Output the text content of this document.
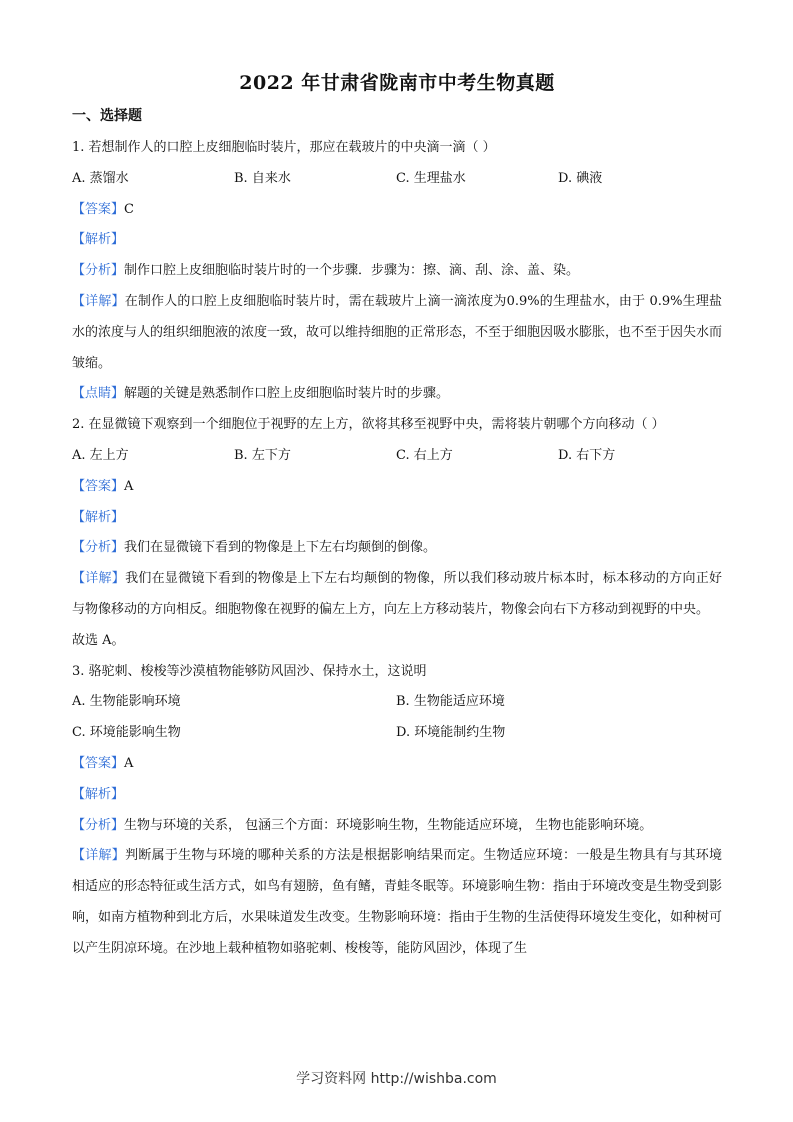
2022 年甘肃省陇南市中考生物真题
一、选择题

1. 若想制作人的口腔上皮细胞临时装片，那应在载玻片的中央滴一滴（ ）

A. 蒸馏水	B. 自来水	C. 生理盐水	D. 碘液

【答案】C

【解析】

【分析】制作口腔上皮细胞临时装片时的一个步骤．步骤为：擦、滴、刮、涂、盖、染。

【详解】在制作人的口腔上皮细胞临时装片时，需在载玻片上滴一滴浓度为0.9%的生理盐水，由于 0.9%生理盐水的浓度与人的组织细胞液的浓度一致，故可以维持细胞的正常形态，不至于细胞因吸水膨胀，也不至于因失水而皱缩。

【点睛】解题的关键是熟悉制作口腔上皮细胞临时装片时的步骤。

2. 在显微镜下观察到一个细胞位于视野的左上方，欲将其移至视野中央，需将装片朝哪个方向移动（ ）

A. 左上方	B. 左下方	C. 右上方	D. 右下方

【答案】A

【解析】

【分析】我们在显微镜下看到的物像是上下左右均颠倒的倒像。

【详解】我们在显微镜下看到的物像是上下左右均颠倒的物像，所以我们移动玻片标本时，标本移动的方向正好与物像移动的方向相反。细胞物像在视野的偏左上方，向左上方移动装片，物像会向右下方移动到视野的中央。

故选 A。

3. 骆驼刺、梭梭等沙漠植物能够防风固沙、保持水土，这说明

A. 生物能影响环境	B. 生物能适应环境
C. 环境能影响生物	D. 环境能制约生物

【答案】A

【解析】

【分析】生物与环境的关系， 包涵三个方面：环境影响生物，生物能适应环境， 生物也能影响环境。

【详解】判断属于生物与环境的哪种关系的方法是根据影响结果而定。生物适应环境：一般是生物具有与其环境相适应的形态特征或生活方式，如鸟有翅膀，鱼有鳍，青蛙冬眠等。环境影响生物：指由于环境改变是生物受到影响，如南方植物种到北方后，水果味道发生改变。生物影响环境：指由于生物的生活使得环境发生变化，如种树可以产生阴凉环境。在沙地上载种植物如骆驼刺、梭梭等，能防风固沙，体现了生

学习资料网 http://wishba.com
